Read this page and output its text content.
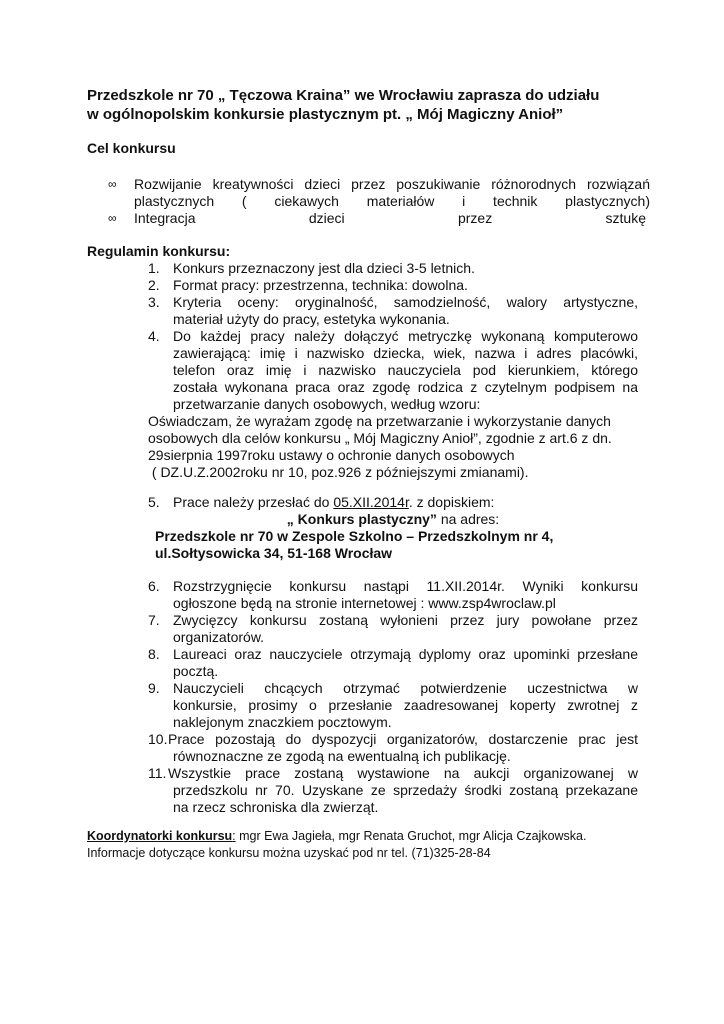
Przedszkole nr 70 „ Tęczowa Kraina” we Wrocławiu zaprasza do udziału
w ogólnopolskim konkursie plastycznym pt. „ Mój Magiczny Anioł”
Cel konkursu
∞ Rozwijanie kreatywności dzieci przez poszukiwanie różnorodnych rozwiązań
plastycznych ( ciekawych materiałów i technik plastycznych)
∞ Integracja dzieci przez sztukę
Regulamin konkursu:
1. Konkurs przeznaczony jest dla dzieci 3-5 letnich.
2. Format pracy: przestrzenna, technika: dowolna.
3. Kryteria oceny: oryginalność, samodzielność, walory artystyczne,
materiał użyty do pracy, estetyka wykonania.
4. Do każdej pracy należy dołączyć metryczkę wykonaną komputerowo
zawierającą: imię i nazwisko dziecka, wiek, nazwa i adres placówki,
telefon oraz imię i nazwisko nauczyciela pod kierunkiem, którego
została wykonana praca oraz zgodę rodzica z czytelnym podpisem na
przetwarzanie danych osobowych, według wzoru:
Oświadczam, że wyrażam zgodę na przetwarzanie i wykorzystanie danych
osobowych dla celów konkursu „ Mój Magiczny Anioł”, zgodnie z art.6 z dn.
29sierpnia 1997roku ustawy o ochronie danych osobowych
( DZ.U.Z.2002roku nr 10, poz.926 z późniejszymi zmianami).
5. Prace należy przesłać do 05.XII.2014r. z dopiskiem:
„ Konkurs plastyczny” na adres:
Przedszkole nr 70 w Zespole Szkolno – Przedszkolnym nr 4,
ul.Sołtysowicka 34, 51-168 Wrocław
6. Rozstrzygnięcie konkursu nastąpi 11.XII.2014r. Wyniki konkursu
ogłoszone będą na stronie internetowej : www.zsp4wroclaw.pl
7. Zwycięzcy konkursu zostaną wyłonieni przez jury powołane przez
organizatorów.
8. Laureaci oraz nauczyciele otrzymają dyplomy oraz upominki przesłane
pocztą.
9. Nauczycieli chcących otrzymać potwierdzenie uczestnictwa w
konkursie, prosimy o przesłanie zaadresowanej koperty zwrotnej z
naklejonym znaczkiem pocztowym.
10. Prace pozostają do dyspozycji organizatorów, dostarczenie prac jest
równoznaczne ze zgodą na ewentualną ich publikację.
11. Wszystkie prace zostaną wystawione na aukcji organizowanej w
przedszkolu nr 70. Uzyskane ze sprzedaży środki zostaną przekazane
na rzecz schroniska dla zwierząt.
Koordynatorki konkursu: mgr Ewa Jagieła, mgr Renata Gruchot, mgr Alicja Czajkowska.
Informacje dotyczące konkursu można uzyskać pod nr tel. (71)325-28-84
